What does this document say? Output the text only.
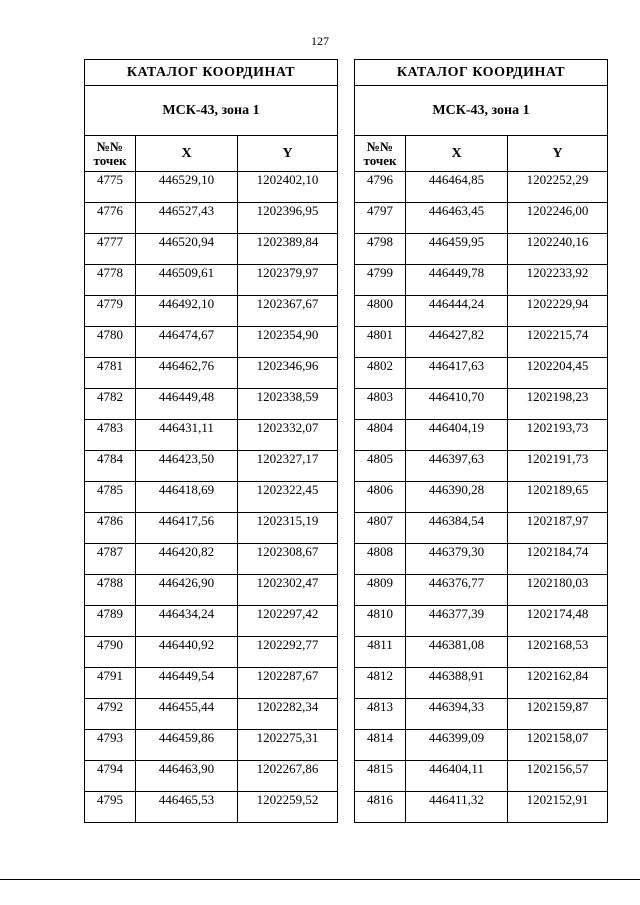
127
КАТАЛОГ КООРДИНАТ		
МСК-43, зона 1		
№№
точек	X	Y
4775	446529,10	1202402,10
4776	446527,43	1202396,95
4777	446520,94	1202389,84
4778	446509,61	1202379,97
4779	446492,10	1202367,67
4780	446474,67	1202354,90
4781	446462,76	1202346,96
4782	446449,48	1202338,59
4783	446431,11	1202332,07
4784	446423,50	1202327,17
4785	446418,69	1202322,45
4786	446417,56	1202315,19
4787	446420,82	1202308,67
4788	446426,90	1202302,47
4789	446434,24	1202297,42
4790	446440,92	1202292,77
4791	446449,54	1202287,67
4792	446455,44	1202282,34
4793	446459,86	1202275,31
4794	446463,90	1202267,86
4795	446465,53	1202259,52
КАТАЛОГ КООРДИНАТ		
МСК-43, зона 1		
№№
точек	X	Y
4796	446464,85	1202252,29
4797	446463,45	1202246,00
4798	446459,95	1202240,16
4799	446449,78	1202233,92
4800	446444,24	1202229,94
4801	446427,82	1202215,74
4802	446417,63	1202204,45
4803	446410,70	1202198,23
4804	446404,19	1202193,73
4805	446397,63	1202191,73
4806	446390,28	1202189,65
4807	446384,54	1202187,97
4808	446379,30	1202184,74
4809	446376,77	1202180,03
4810	446377,39	1202174,48
4811	446381,08	1202168,53
4812	446388,91	1202162,84
4813	446394,33	1202159,87
4814	446399,09	1202158,07
4815	446404,11	1202156,57
4816	446411,32	1202152,91
